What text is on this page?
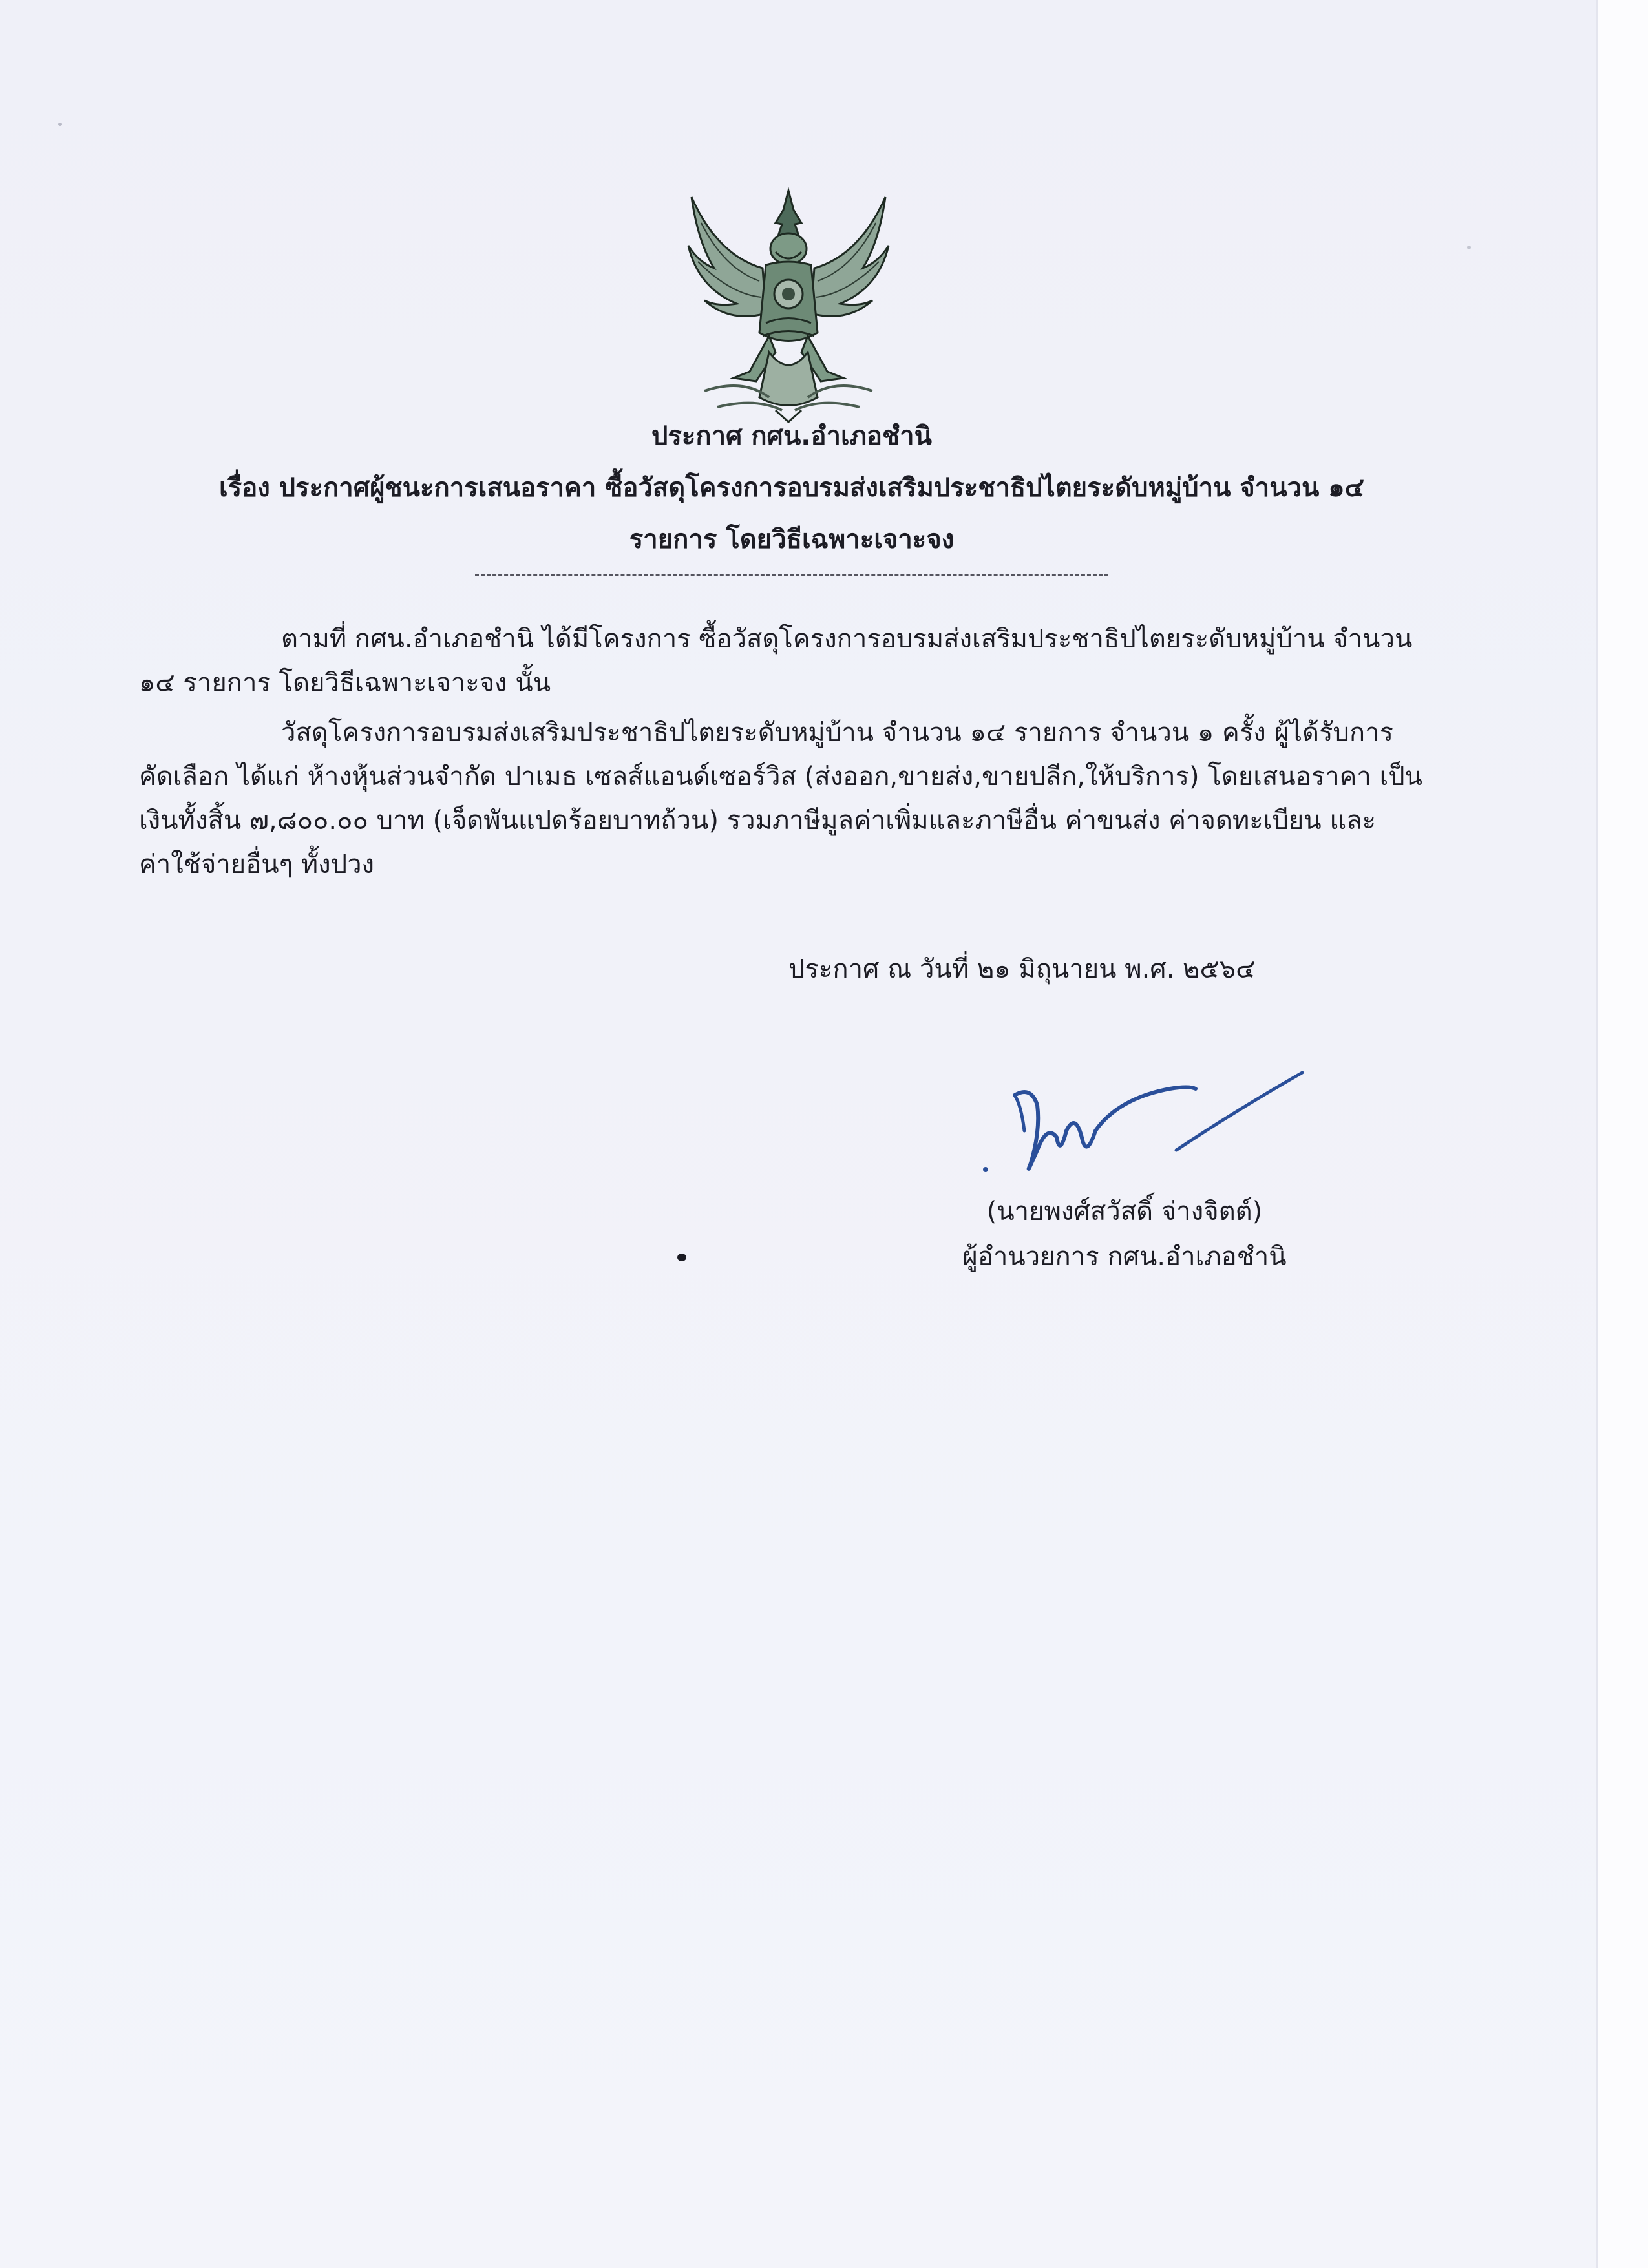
ประกาศ กศน.อำเภอชำนิ
เรื่อง ประกาศผู้ชนะการเสนอราคา ซื้อวัสดุโครงการอบรมส่งเสริมประชาธิปไตยระดับหมู่บ้าน จำนวน ๑๔
รายการ โดยวิธีเฉพาะเจาะจง
ตามที่ กศน.อำเภอชำนิ ได้มีโครงการ ซื้อวัสดุโครงการอบรมส่งเสริมประชาธิปไตยระดับหมู่บ้าน จำนวน
๑๔ รายการ โดยวิธีเฉพาะเจาะจง นั้น
วัสดุโครงการอบรมส่งเสริมประชาธิปไตยระดับหมู่บ้าน จำนวน ๑๔ รายการ จำนวน ๑ ครั้ง ผู้ได้รับการ
คัดเลือก ได้แก่ ห้างหุ้นส่วนจำกัด ปาเมธ เซลส์แอนด์เซอร์วิส (ส่งออก,ขายส่ง,ขายปลีก,ให้บริการ) โดยเสนอราคา เป็น
เงินทั้งสิ้น ๗,๘๐๐.๐๐ บาท (เจ็ดพันแปดร้อยบาทถ้วน) รวมภาษีมูลค่าเพิ่มและภาษีอื่น ค่าขนส่ง ค่าจดทะเบียน และ
ค่าใช้จ่ายอื่นๆ ทั้งปวง
ประกาศ ณ วันที่ ๒๑ มิถุนายน พ.ศ. ๒๕๖๔
(นายพงศ์สวัสดิ์ จ่างจิตต์)
ผู้อำนวยการ กศน.อำเภอชำนิ
